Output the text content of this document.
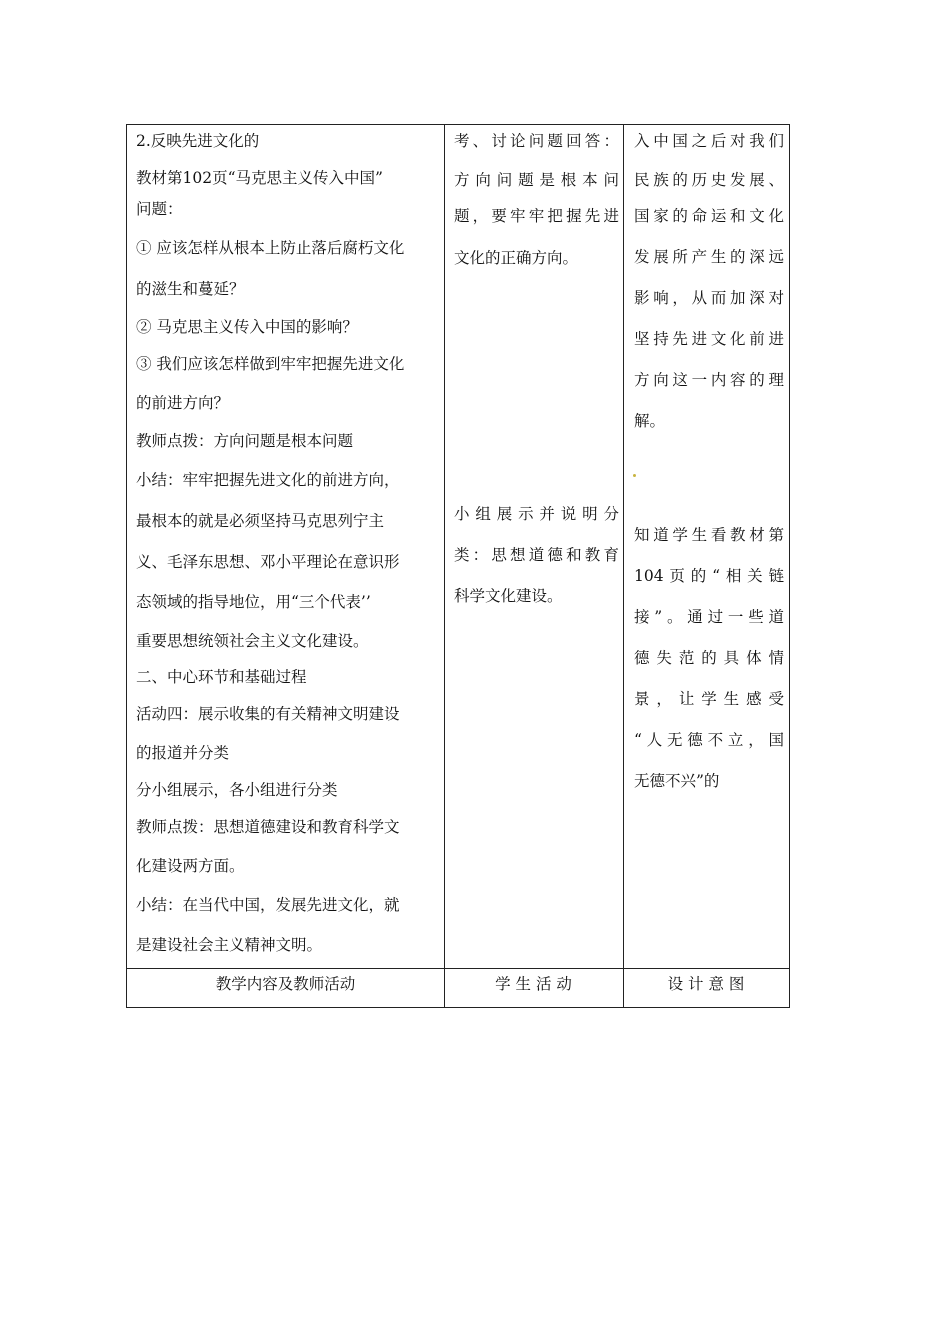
2.反映先进文化的

教材第102页“马克思主义传入中国”

问题：

① 应该怎样从根本上防止落后腐朽文化

的滋生和蔓延？

② 马克思主义传入中国的影响？

③ 我们应该怎样做到牢牢把握先进文化

的前进方向？

教师点拨：方向问题是根本问题

小结：牢牢把握先进文化的前进方向，

最根本的就是必须坚持马克思列宁主

义、毛泽东思想、邓小平理论在意识形

态领域的指导地位，用“三个代表’’

重要思想统领社会主义文化建设。

二、中心环节和基础过程

活动四：展示收集的有关精神文明建设

的报道并分类

分小组展示，各小组进行分类

教师点拨：思想道德建设和教育科学文

化建设两方面。

小结：在当代中国，发展先进文化，就

是建设社会主义精神文明。

考、讨论问题回答：

方向问题是根本问

题，要牢牢把握先进

文化的正确方向。

小组展示并说明分

类：思想道德和教育

科学文化建设。

入中国之后对我们

民族的历史发展、

国家的命运和文化

发展所产生的深远

影响，从而加深对

坚持先进文化前进

方向这一内容的理

解。

知道学生看教材第

104页的“相关链

接”。通过一些道

德失范的具体情

景，让学生感受

“人无德不立，国

无德不兴”的

教学内容及教师活动	学 生 活 动	设 计 意 图
